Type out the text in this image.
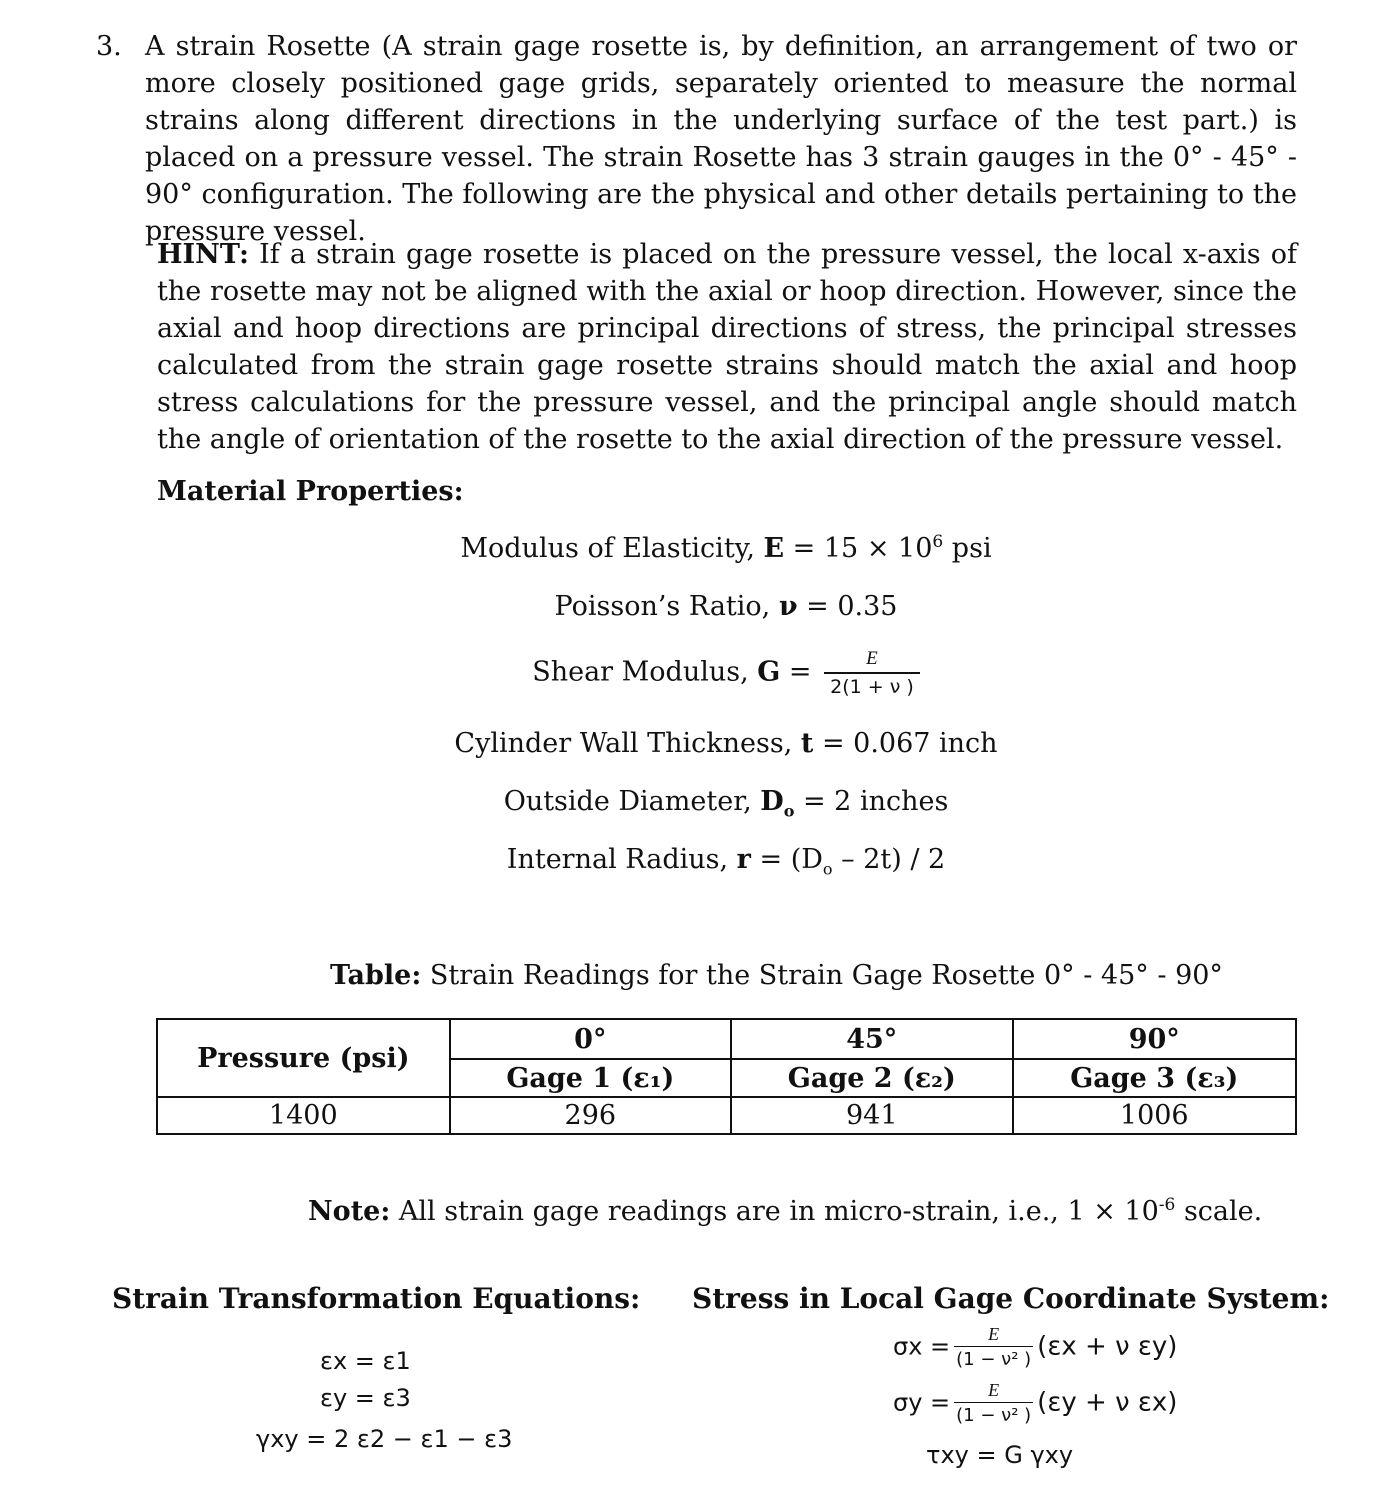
3. A strain Rosette (A strain gage rosette is, by definition, an arrangement of two or more closely positioned gage grids, separately oriented to measure the normal strains along different directions in the underlying surface of the test part.) is placed on a pressure vessel. The strain Rosette has 3 strain gauges in the 0° - 45° - 90° configuration. The following are the physical and other details pertaining to the pressure vessel.
HINT: If a strain gage rosette is placed on the pressure vessel, the local x-axis of the rosette may not be aligned with the axial or hoop direction. However, since the axial and hoop directions are principal directions of stress, the principal stresses calculated from the strain gage rosette strains should match the axial and hoop stress calculations for the pressure vessel, and the principal angle should match the angle of orientation of the rosette to the axial direction of the pressure vessel.
Material Properties:
Modulus of Elasticity, $E = 15 \times 10^6$ psi
Poisson’s Ratio, ν = 0.35
Shear Modulus, $G = \frac{E}{2(1 + \nu )}$
Cylinder Wall Thickness, t = 0.067 inch
Outside Diameter, $D_o = 2$ inches
Internal Radius, $r = (D_o - 2t) / 2$
Table: Strain Readings for the Strain Gage Rosette 0° - 45° - 90°
Pressure (psi)	0°	45°	90°
	Gage 1 (ε₁)	Gage 2 (ε₂)	Gage 3 (ε₃)
1400	296	941	1006
Note: All strain gage readings are in micro-strain, i.e., $1 \times 10^{-6}$ scale.
Strain Transformation Equations:
εx = ε1
εy = ε3
γxy = 2 ε2 − ε1 − ε3
Stress in Local Gage Coordinate System:
$\sigma x = \frac{E}{\text{(1 − ν² )}} (\varepsilon x + \nu$ εy)
$\sigma y = \frac{E}{\text{(1 − ν² )}} (\varepsilon y + \nu$ εx)
τxy = G γxy
